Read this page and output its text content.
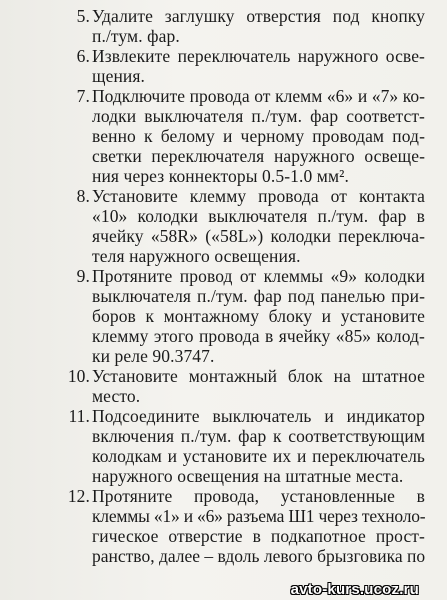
5. Удалите заглушку отверстия под кнопку
п./тум. фар.
6. Извлеките переключатель наружного осве-
щения.
7. Подключите провода от клемм «6» и «7» ко-
лодки выключателя п./тум. фар соответст-
венно к белому и черному проводам под-
светки переключателя наружного освеще-
ния через коннекторы 0.5-1.0 мм².
8. Установите клемму провода от контакта
«10» колодки выключателя п./тум. фар в
ячейку «58R» («58L») колодки переключа-
теля наружного освещения.
9. Протяните провод от клеммы «9» колодки
выключателя п./тум. фар под панелью при-
боров к монтажному блоку и установите
клемму этого провода в ячейку «85» колод-
ки реле 90.3747.
10. Установите монтажный блок на штатное
место.
11. Подсоедините выключатель и индикатор
включения п./тум. фар к соответствующим
колодкам и установите их и переключатель
наружного освещения на штатные места.
12. Протяните провода, установленные в
клеммы «1» и «6» разъема Ш1 через техноло-
гическое отверстие в подкапотное прост-
ранство, далее – вдоль левого брызговика по
avto-kurs.ucoz.ru
